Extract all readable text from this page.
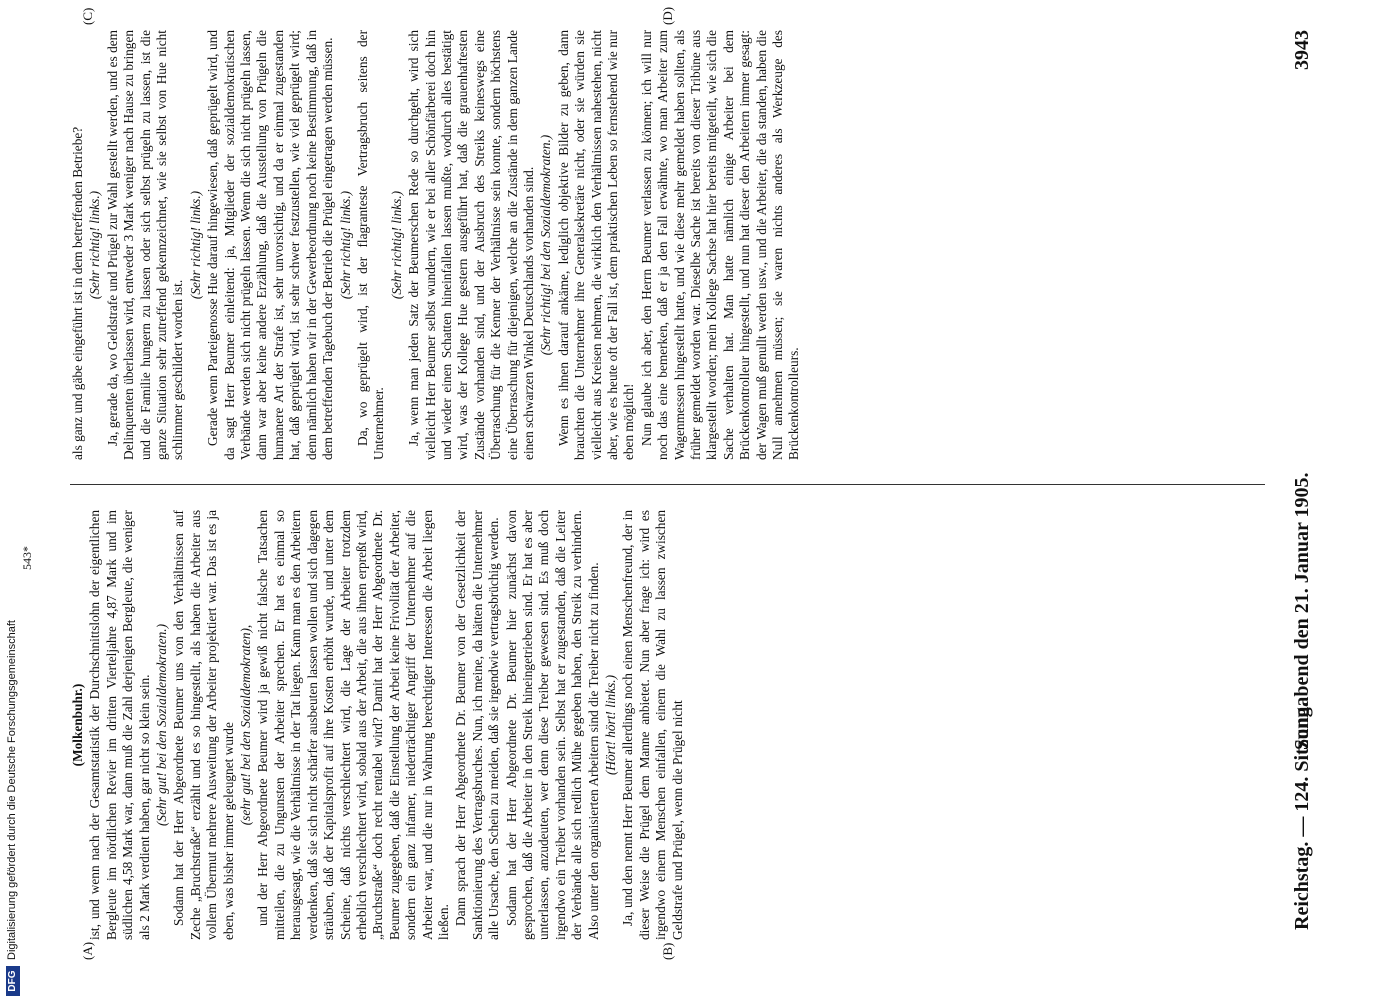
Reichstag. — 124. Sitzung.
Sonnabend den 21. Januar 1905.
3943

(Molkenbuhr.) ist, und wenn nach der Gesamtstatistik der Durchschnittslohn der eigentlichen Bergleute im nördlichen Revier im dritten Vierteljahre 4,87 Mark und im südlichen 4,58 Mark war, dann muß die Zahl derjenigen Bergleute, die weniger als 2 Mark verdient haben, gar nicht so klein sein. (Sehr gut! bei den Sozialdemokraten.) Sodann hat der Herr Abgeordnete Beumer uns von den Verhältnissen auf Zeche „Bruchstraße“ erzählt und es so hingestellt, als haben die Arbeiter aus vollem Übermut mehrere Ausweitung der Arbeiter projektiert war. Das ist es ja eben, was bisher immer geleugnet wurde (sehr gut! bei den Sozialdemokraten), und der Herr Abgeordnete Beumer wird ja gewiß nicht falsche Tatsachen mitteilen, die zu Ungunsten der Arbeiter sprechen. Er hat es einmal so herausgesagt, wie die Verhältnisse in der Tat liegen. Kann man es den Arbeitern verdenken, daß sie sich nicht schärfer ausbeuten lassen wollen und sich dagegen sträuben, daß der Kapitalsprofit auf ihre Kosten erhöht wurde, und unter dem Scheine, daß nichts verschlechtert wird, die Lage der Arbeiter trotzdem erheblich verschlechtert wird, sobald aus der Arbeit, die aus ihnen erpreßt wird, „Bruchstraße“ doch recht rentabel wird? Damit hat der Herr Abgeordnete Dr. Beumer zugegeben, daß die Einstellung der Arbeit keine Frivolität der Arbeiter, sondern ein ganz infamer, niederträchtiger Angriff der Unternehmer auf die Arbeiter war, und die nur in Wahrung berechtigter Interessen die Arbeit liegen ließen. Dann sprach der Herr Abgeordnete Dr. Beumer von der Gesetzlichkeit der Sanktionierung des Vertragsbruches. Nun, ich meine, da hätten die Unternehmer alle Ursache, den Schein zu meiden, daß sie irgendwie vertragsbrüchig werden. Sodann hat der Herr Abgeordnete Dr. Beumer hier zunächst davon gesprochen, daß die Arbeiter in den Streik hineingetrieben sind. Er hat es aber unterlassen, anzudeuten, wer denn diese Treiber gewesen sind. Es muß doch irgendwo ein Treiber vorhanden sein. Selbst hat er zugestanden, daß die Leiter der Verbände alle sich redlich Mühe gegeben haben, den Streik zu verhindern. Also unter den organisierten Arbeitern sind die Treiber nicht zu finden. (Hört! hört! links.) Ja, und den nennt Herr Beumer allerdings noch einen Menschenfreund, der in dieser Weise die Prügel dem Manne anbietet. Nun aber frage ich: wird es irgendwo einem Menschen einfallen, einem die Wahl zu lassen zwischen Geldstrafe und Prügel, wenn die Prügel nicht

als ganz und gäbe eingeführt ist in dem betreffenden Betriebe? (Sehr richtig! links.) Ja, gerade da, wo Geldstrafe und Prügel zur Wahl gestellt werden, und es dem Delinquenten überlassen wird, entweder 3 Mark weniger nach Hause zu bringen und die Familie hungern zu lassen oder sich selbst prügeln zu lassen, ist die ganze Situation sehr zutreffend gekennzeichnet, wie sie selbst von Hue nicht schlimmer geschildert worden ist.

(Sehr richtig! links.) Gerade wenn Parteigenosse Hue darauf hingewiesen, daß geprügelt wird, und da sagt Herr Beumer einleitend: ja, Mitglieder der sozialdemokratischen Verbände werden sich nicht prügeln lassen. Wenn die sich nicht prügeln lassen, dann war aber keine andere Erzählung, daß die Ausstellung von Prügeln die humanere Art der Strafe ist, sehr unvorsichtig, und da er einmal zugestanden hat, daß geprügelt wird, ist sehr schwer festzustellen, wie viel geprügelt wird; denn nämlich haben wir in der Gewerbeordnung noch keine Bestimmung, daß in dem betreffenden Tagebuch der Betrieb die Prügel eingetragen werden müssen. (Sehr richtig! links.) Da, wo geprügelt wird, ist der flagranteste Vertragsbruch seitens der Unternehmer.

(Sehr richtig! links.) Ja, wenn man jeden Satz der Beumerschen Rede so durchgeht, wird sich vielleicht Herr Beumer selbst wundern, wie er bei aller Schönfärberei doch hin und wieder einen Schatten hineinfallen lassen mußte, wodurch alles bestätigt wird, was der Kollege Hue gestern ausgeführt hat, daß die grauenhaftesten Zustände vorhanden sind, und der Ausbruch des Streiks keineswegs eine Überraschung für die Kenner der Verhältnisse sein konnte, sondern höchstens eine Überraschung für diejenigen, welche an die Zustände in dem ganzen Lande einen schwarzen Winkel Deutschlands vorhanden sind. (Sehr richtig! bei den Sozialdemokraten.) Wenn es ihnen darauf ankäme, lediglich objektive Bilder zu geben, dann brauchten die Unternehmer ihre Generalsekretäre nicht, oder sie würden sie vielleicht aus Kreisen nehmen, die wirklich den Verhältnissen nahestehen, nicht aber, wie es heute oft der Fall ist, dem praktischen Leben so fernstehend wie nur eben möglich! Nun glaube ich aber, den Herrn Beumer verlassen zu können; ich will nur noch das eine bemerken, daß er ja den Fall erwähnte, wo man Arbeiter zum Wagenmessen hingestellt hatte, und wie diese mehr gemeldet haben sollten, als früher gemeldet worden war. Dieselbe Sache ist bereits von dieser Tribüne aus klargestellt worden; mein Kollege Sachse hat hier bereits mitgeteilt, wie sich die Sache verhalten hat. Man hatte nämlich einige Arbeiter bei dem Brückenkontrolleur hingestellt, und nun hat dieser den Arbeitern immer gesagt: der Wagen muß genullt werden usw., und die Arbeiter, die da standen, haben die Null annehmen müssen; sie waren nichts anderes als Werkzeuge des Brückenkontrolleurs.

(A)	(B)
(C)	(D)
543*
DFG
Digitalisierung gefördert durch die Deutsche Forschungsgemeinschaft
